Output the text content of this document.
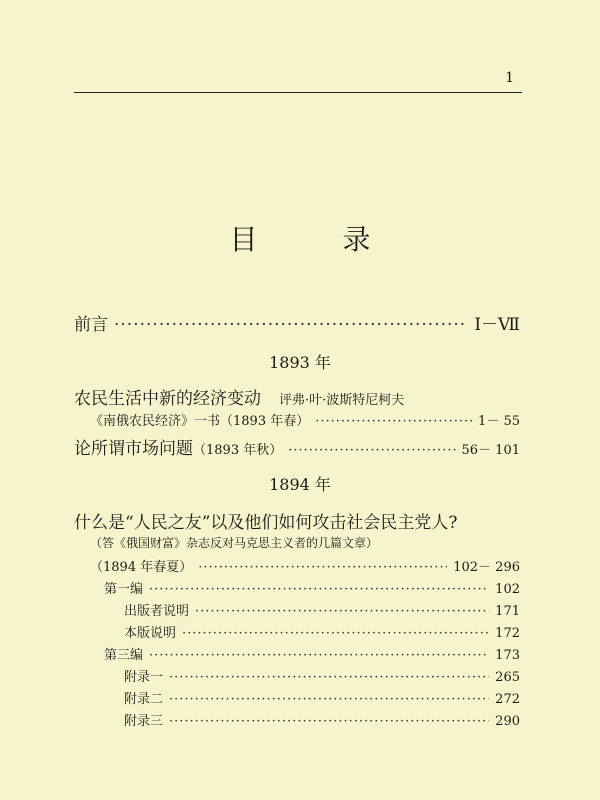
1
目 录
前言 ·····	Ⅰ－Ⅶ
1893 年
农民生活中新的经济变动 评弗·叶·波斯特尼柯夫
《南俄农民经济》一书（1893 年春） ·····	1－ 55
论所谓市场问题 （1893 年秋） ·····	56－ 101
1894 年
什么是“人民之友”以及他们如何攻击社会民主党人?
（答《俄国财富》杂志反对马克思主义者的几篇文章）
（1894 年春夏） ·····	102－ 296
第一编 ·····	102
出版者说明 ·····	171
本版说明 ·····	172
第三编 ·····	173
附录一 ·····	265
附录二 ·····	272
附录三 ·····	290
